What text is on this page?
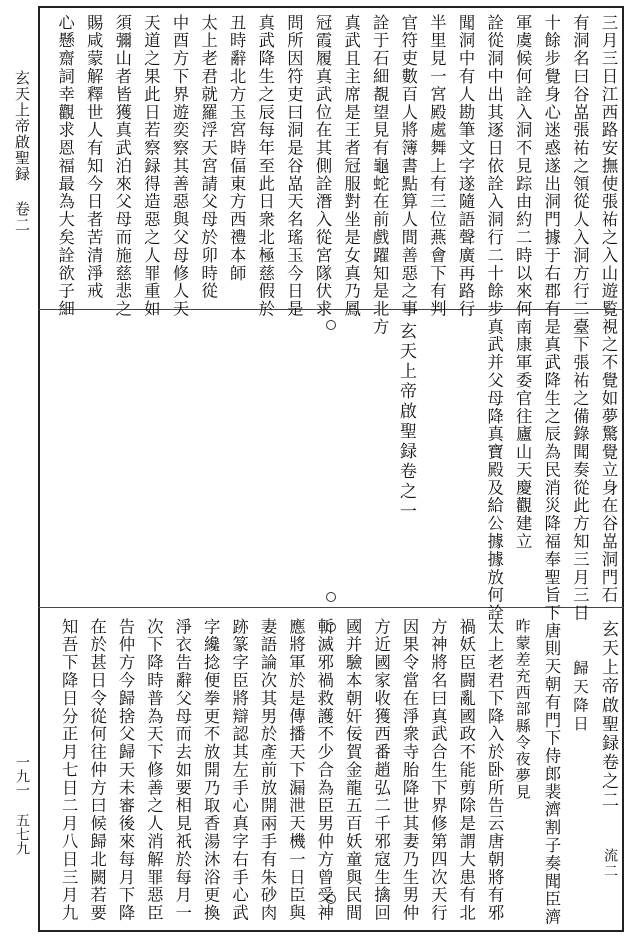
玄天上帝啟聖録 卷二
一九一 五七九
三月三日江西路安撫使張祐之入山遊覧
有洞名曰谷嵓張祐之領從人入洞方行二
十餘步覺身心迷惑遂出洞門據于右郡有
軍虞候何詮入洞不見踪由約二時以來何
詮從洞中出其逐日依詮入洞行二十餘步
聞洞中有人勘筆文字遂隨語聲廣再路行
半里見一宮殿處舞上有三位燕會下有判
官符吏數百人將簿書點算人間善惡之事
詮于石細覩望見有龜蛇在前戲躍知是北方
真武且主席是王者冠服對坐是女真乃鳳
冠霞履真武位在其側詮潛入從宮隊伏求
問所因符吏曰洞是谷嵓天名瑤玉今日是
真武降生之辰每年至此日衆北極慈假於
丑時辭北方玉宮時偪東方西禮本師
太上老君就羅浮天宮請父母於卯時從
中酉方下界遊奕察其善惡與父母修人天
天道之果此日若察録得造惡之人罪重如
須彌山者皆獲真武泊來父母而施慈悲之
賜咸蒙解釋世人有知今日者苦清淨戒
心懸齋詞幸觀求恩福最為大矣詮欲子細
視之不覺如夢驚覺立身在谷嵓洞門石
臺下張祐之備錄聞奏從此方知三月三日
是真武降生之辰為民消災降福奉聖旨下
南康軍委官往廬山天慶觀建立
真武并父母降真寶殿及給公據據放何詮
玄天上帝啟聖録卷之一
玄天上帝啟聖録卷之二
流二
歸天降日
唐則天朝有門下侍郎裴濟割子奏聞臣濟
昨蒙差充西部縣令夜夢見
太上老君下降入於卧所告云唐朝將有邪
禍妖臣闘亂國政不能剪除是謂大患有北
方神將名曰真武合生下界修第四次天行
因果令當在淨衆寺胎降世其妻乃生男仲
方近國家收獲西番趙弘二千邪寇生擒回
國并驗本朝奸佞賀金龍五百妖童與民間
斬滅邪禍救護不少合為臣男仲方曾受神
應將軍於是傳播天下漏泄天機一日臣與
妻語論次其男於產前放開兩手有朱砂肉
跡篆字臣將辯認其左手心真字右手心武
字纔捻便拳更不放開乃取香湯沐浴更換
淨衣告辭父母而去如要相見祇於每月一
次下降時普為天下修善之人消解罪惡臣
告仲方今歸捨父歸天未審後來每月下降
在於甚日令從何往仲方曰候歸北闕若要
知吾下降日分正月七日二月八日三月九
